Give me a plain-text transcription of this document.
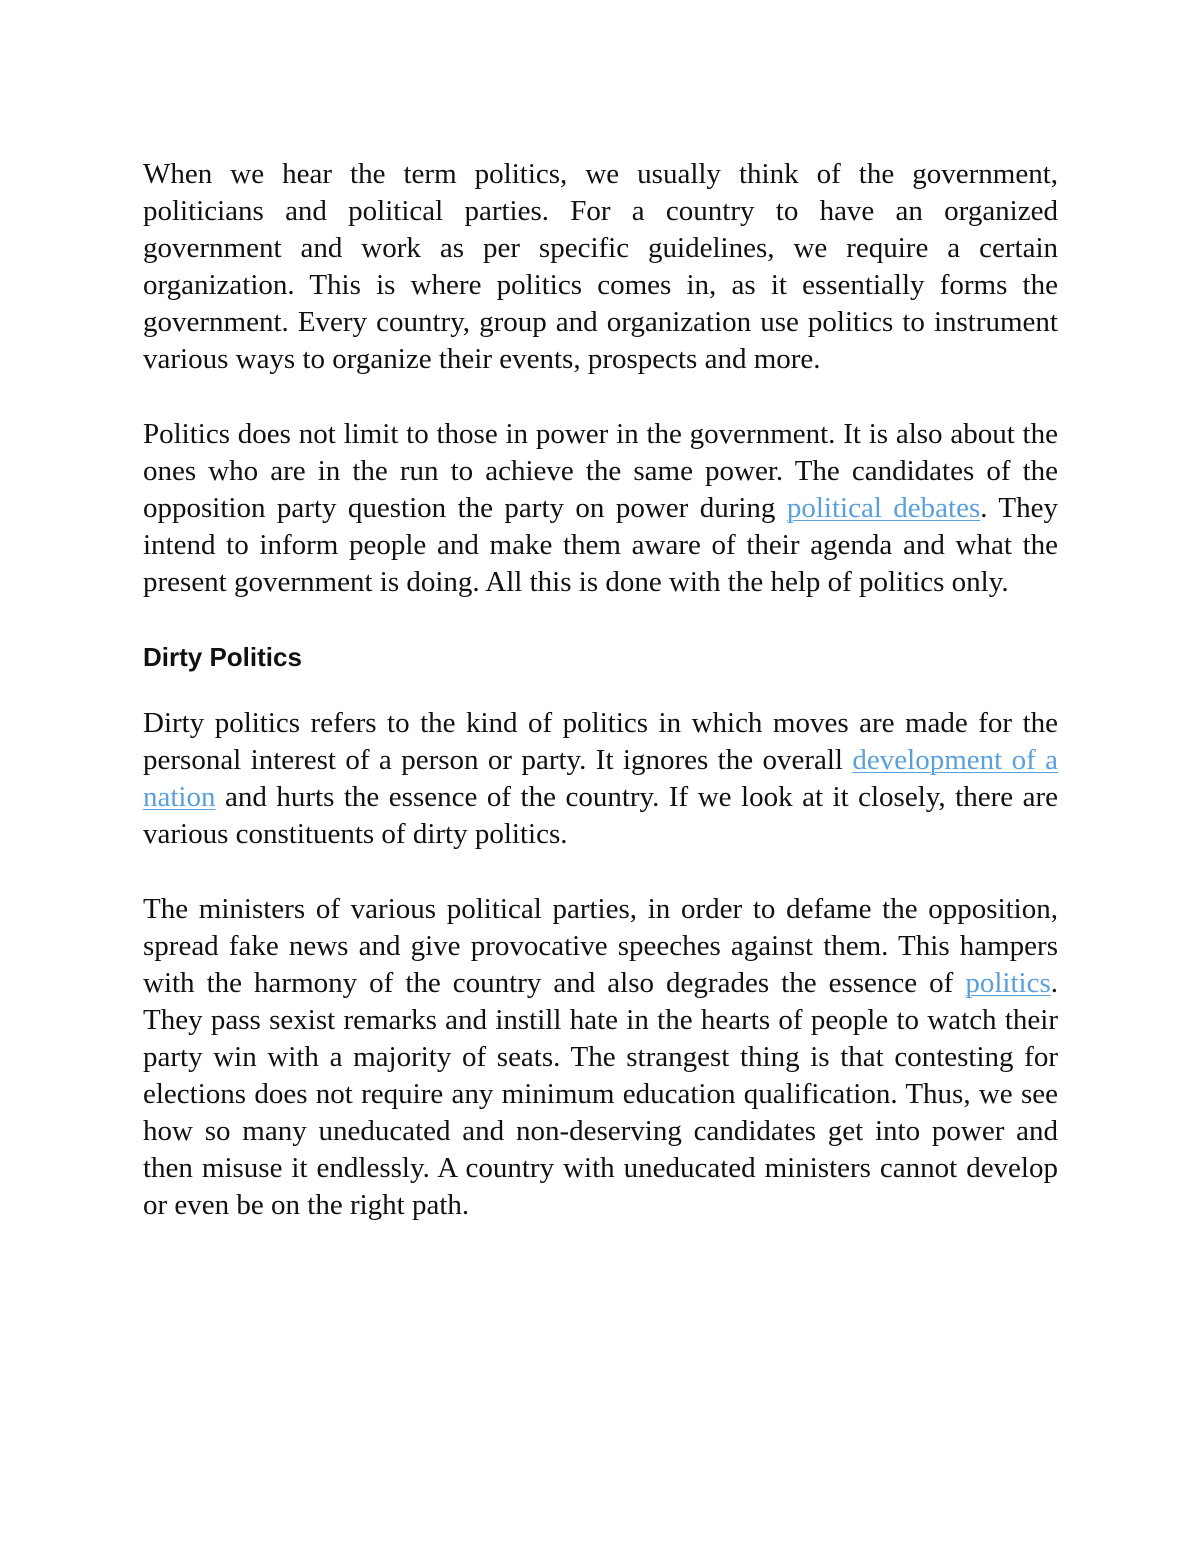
When we hear the term politics, we usually think of the government, politicians and political parties. For a country to have an organized government and work as per specific guidelines, we require a certain organization. This is where politics comes in, as it essentially forms the government. Every country, group and organization use politics to instrument various ways to organize their events, prospects and more.

Politics does not limit to those in power in the government. It is also about the ones who are in the run to achieve the same power. The candidates of the opposition party question the party on power during political debates. They intend to inform people and make them aware of their agenda and what the present government is doing. All this is done with the help of politics only.

Dirty Politics

Dirty politics refers to the kind of politics in which moves are made for the personal interest of a person or party. It ignores the overall development of a nation and hurts the essence of the country. If we look at it closely, there are various constituents of dirty politics.

The ministers of various political parties, in order to defame the opposition, spread fake news and give provocative speeches against them. This hampers with the harmony of the country and also degrades the essence of politics. They pass sexist remarks and instill hate in the hearts of people to watch their party win with a majority of seats. The strangest thing is that contesting for elections does not require any minimum education qualification. Thus, we see how so many uneducated and non-deserving candidates get into power and then misuse it endlessly. A country with uneducated ministers cannot develop or even be on the right path.
